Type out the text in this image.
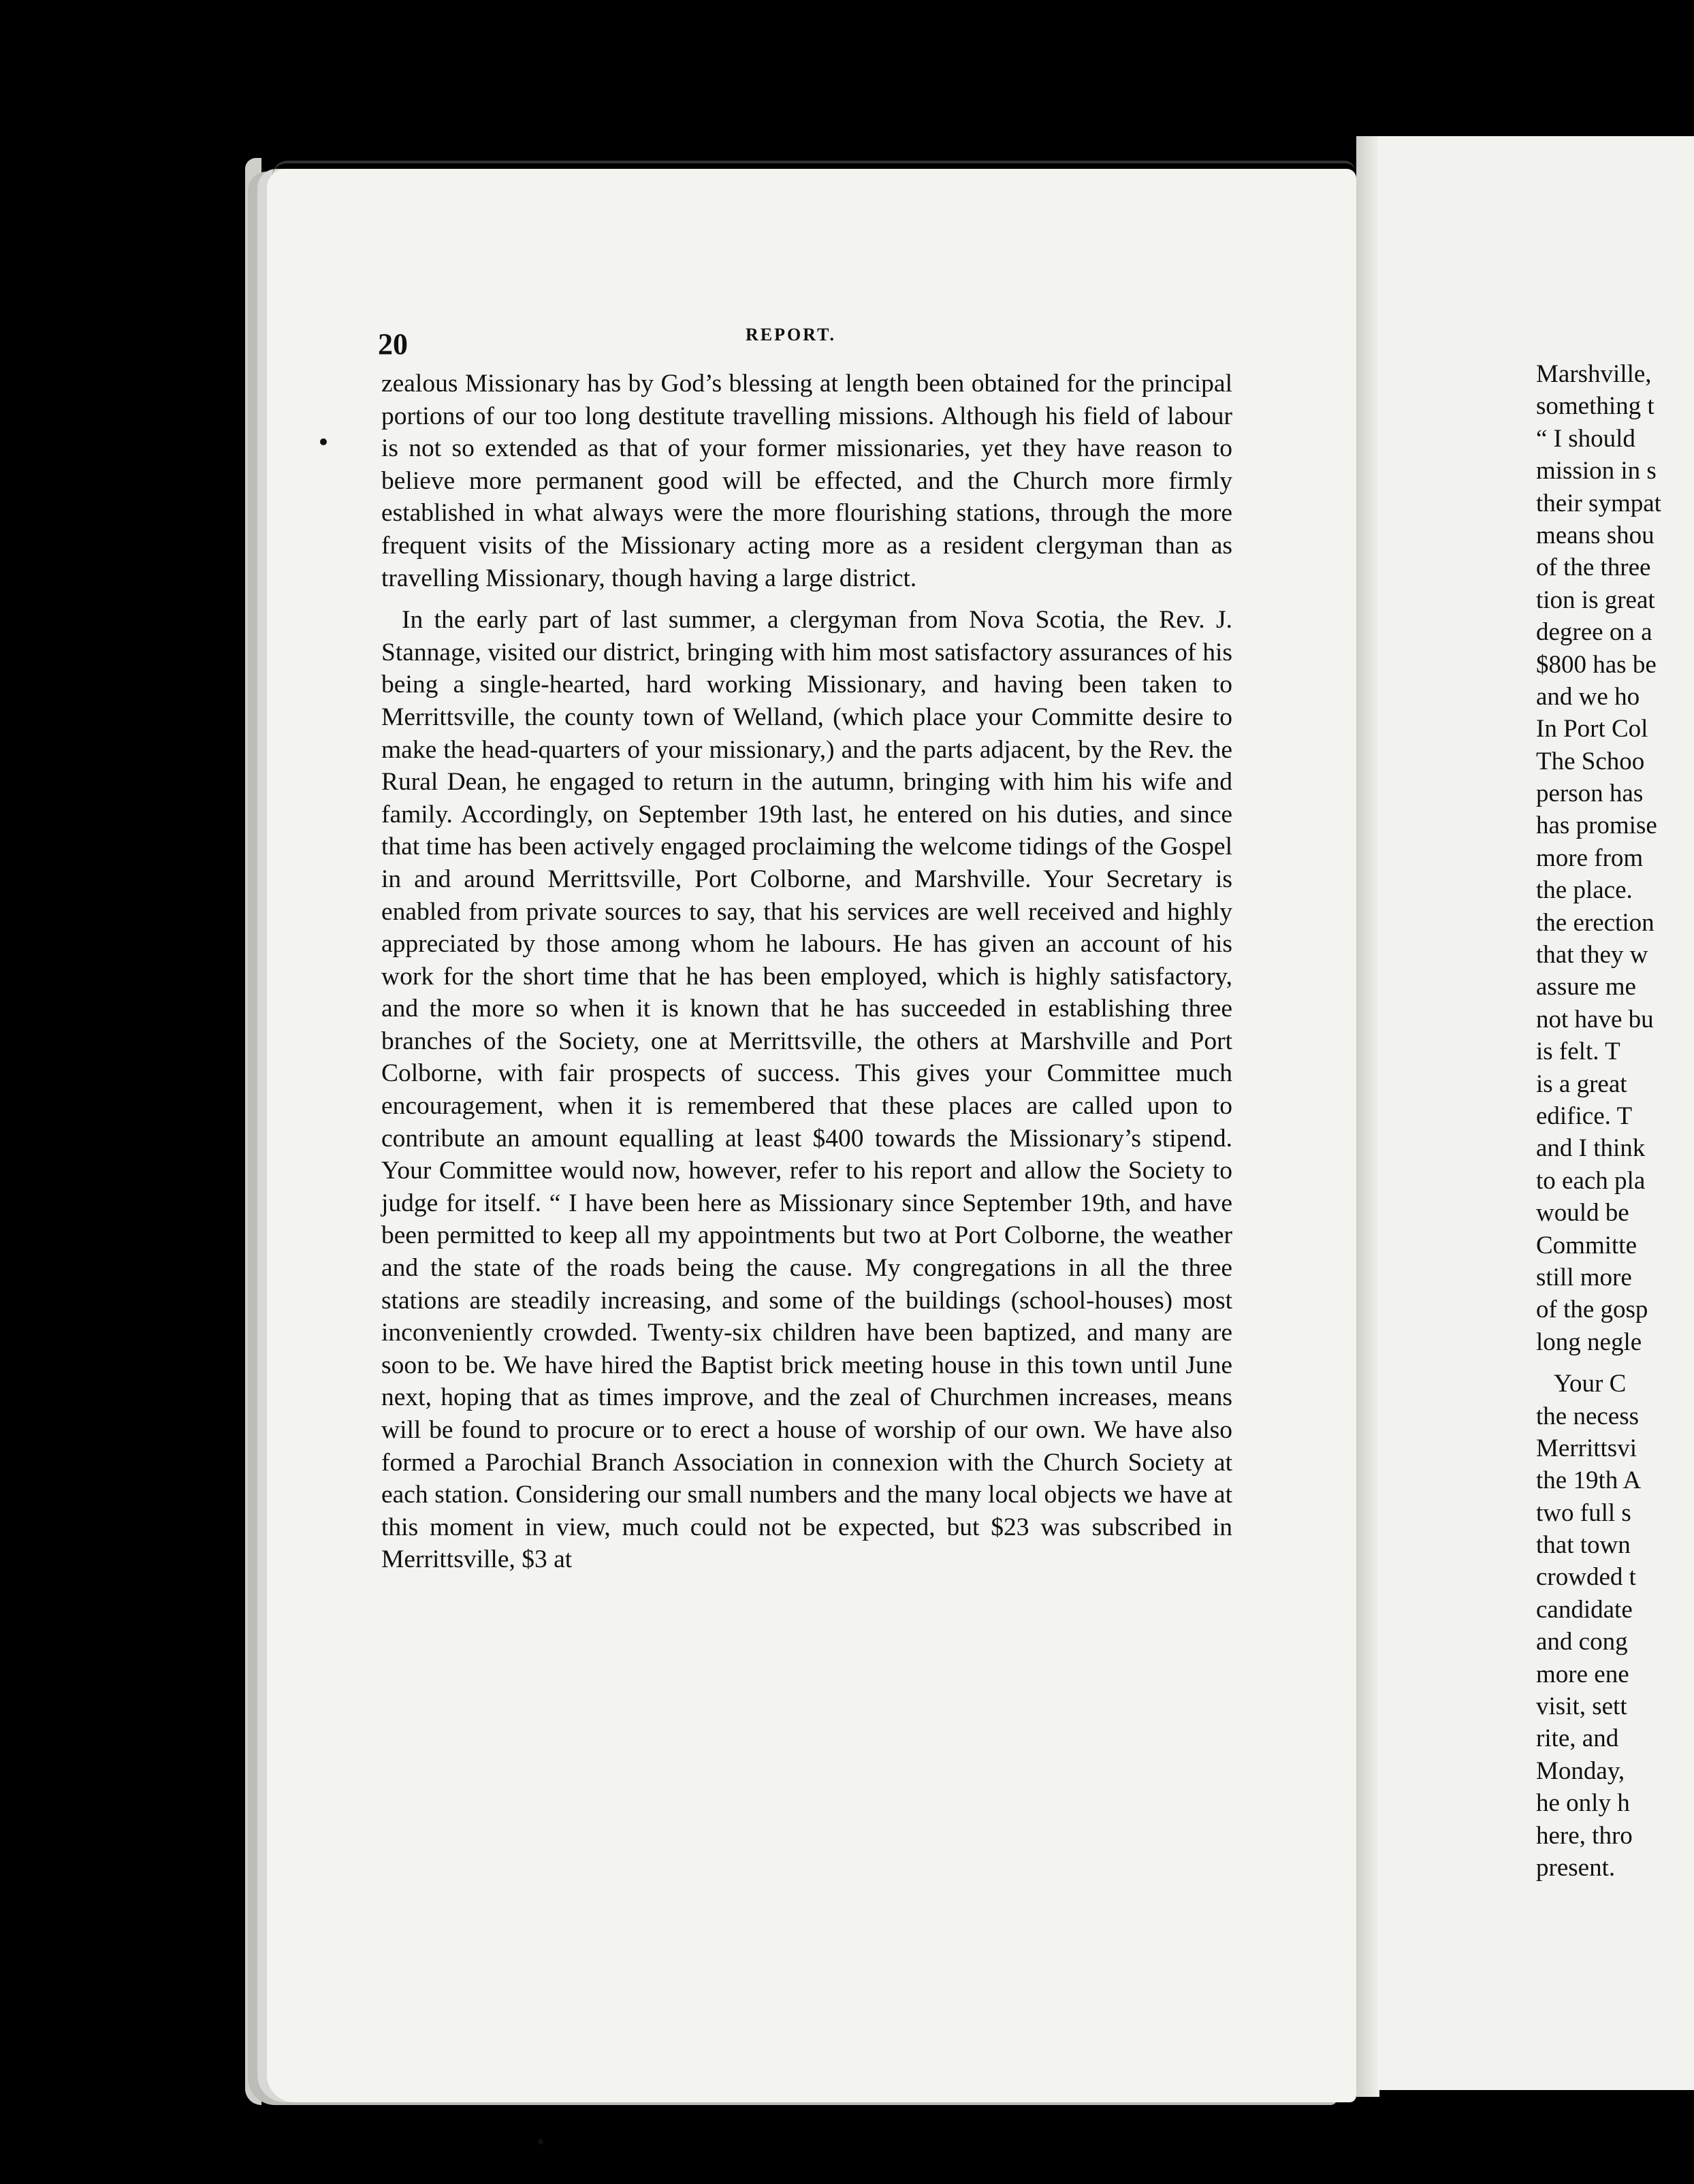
20	REPORT.

zealous Missionary has by God’s blessing at length been obtained for the principal portions of our too long destitute travelling missions. Although his field of labour is not so extended as that of your former missionaries, yet they have reason to believe more permanent good will be effected, and the Church more firmly established in what always were the more flourishing stations, through the more frequent visits of the Missionary acting more as a resident clergyman than as travelling Missionary, though having a large district.

In the early part of last summer, a clergyman from Nova Scotia, the Rev. J. Stannage, visited our district, bringing with him most satisfactory assurances of his being a single-hearted, hard working Missionary, and having been taken to Merrittsville, the county town of Welland, (which place your Committe desire to make the head-quarters of your missionary,) and the parts adjacent, by the Rev. the Rural Dean, he engaged to return in the autumn, bringing with him his wife and family. Accordingly, on September 19th last, he entered on his duties, and since that time has been actively engaged proclaiming the welcome tidings of the Gospel in and around Merrittsville, Port Colborne, and Marshville. Your Secretary is enabled from private sources to say, that his services are well received and highly appreciated by those among whom he labours. He has given an account of his work for the short time that he has been employed, which is highly satisfactory, and the more so when it is known that he has succeeded in establishing three branches of the Society, one at Merrittsville, the others at Marshville and Port Colborne, with fair prospects of success. This gives your Committee much encouragement, when it is remembered that these places are called upon to contribute an amount equalling at least $400 towards the Missionary’s stipend. Your Committee would now, however, refer to his report and allow the Society to judge for itself. “ I have been here as Missionary since September 19th, and have been permitted to keep all my appointments but two at Port Colborne, the weather and the state of the roads being the cause. My congregations in all the three stations are steadily increasing, and some of the buildings (school-houses) most inconveniently crowded. Twenty-six children have been baptized, and many are soon to be. We have hired the Baptist brick meeting house in this town until June next, hoping that as times improve, and the zeal of Churchmen increases, means will be found to procure or to erect a house of worship of our own. We have also formed a Parochial Branch Association in connexion with the Church Society at each station. Considering our small numbers and the many local objects we have at this moment in view, much could not be expected, but $23 was subscribed in Merrittsville, $3 at

Marshville,
something t
“ I should
mission in s
their sympat
means shou
of the three
tion is great
degree on a
$800 has be
and we ho
In Port Col
The Schoo
person has
has promise
more from
the place.
the erection
that they w
assure me
not have bu
is felt. T
is a great
edifice. T
and I think
to each pla
would be
Committe
still more
of the gosp
long negle
Your C
the necess
Merrittsvi
the 19th A
two full s
that town
crowded t
candidate
and cong
more ene
visit, sett
rite, and
Monday,
he only h
here, thro
present.
